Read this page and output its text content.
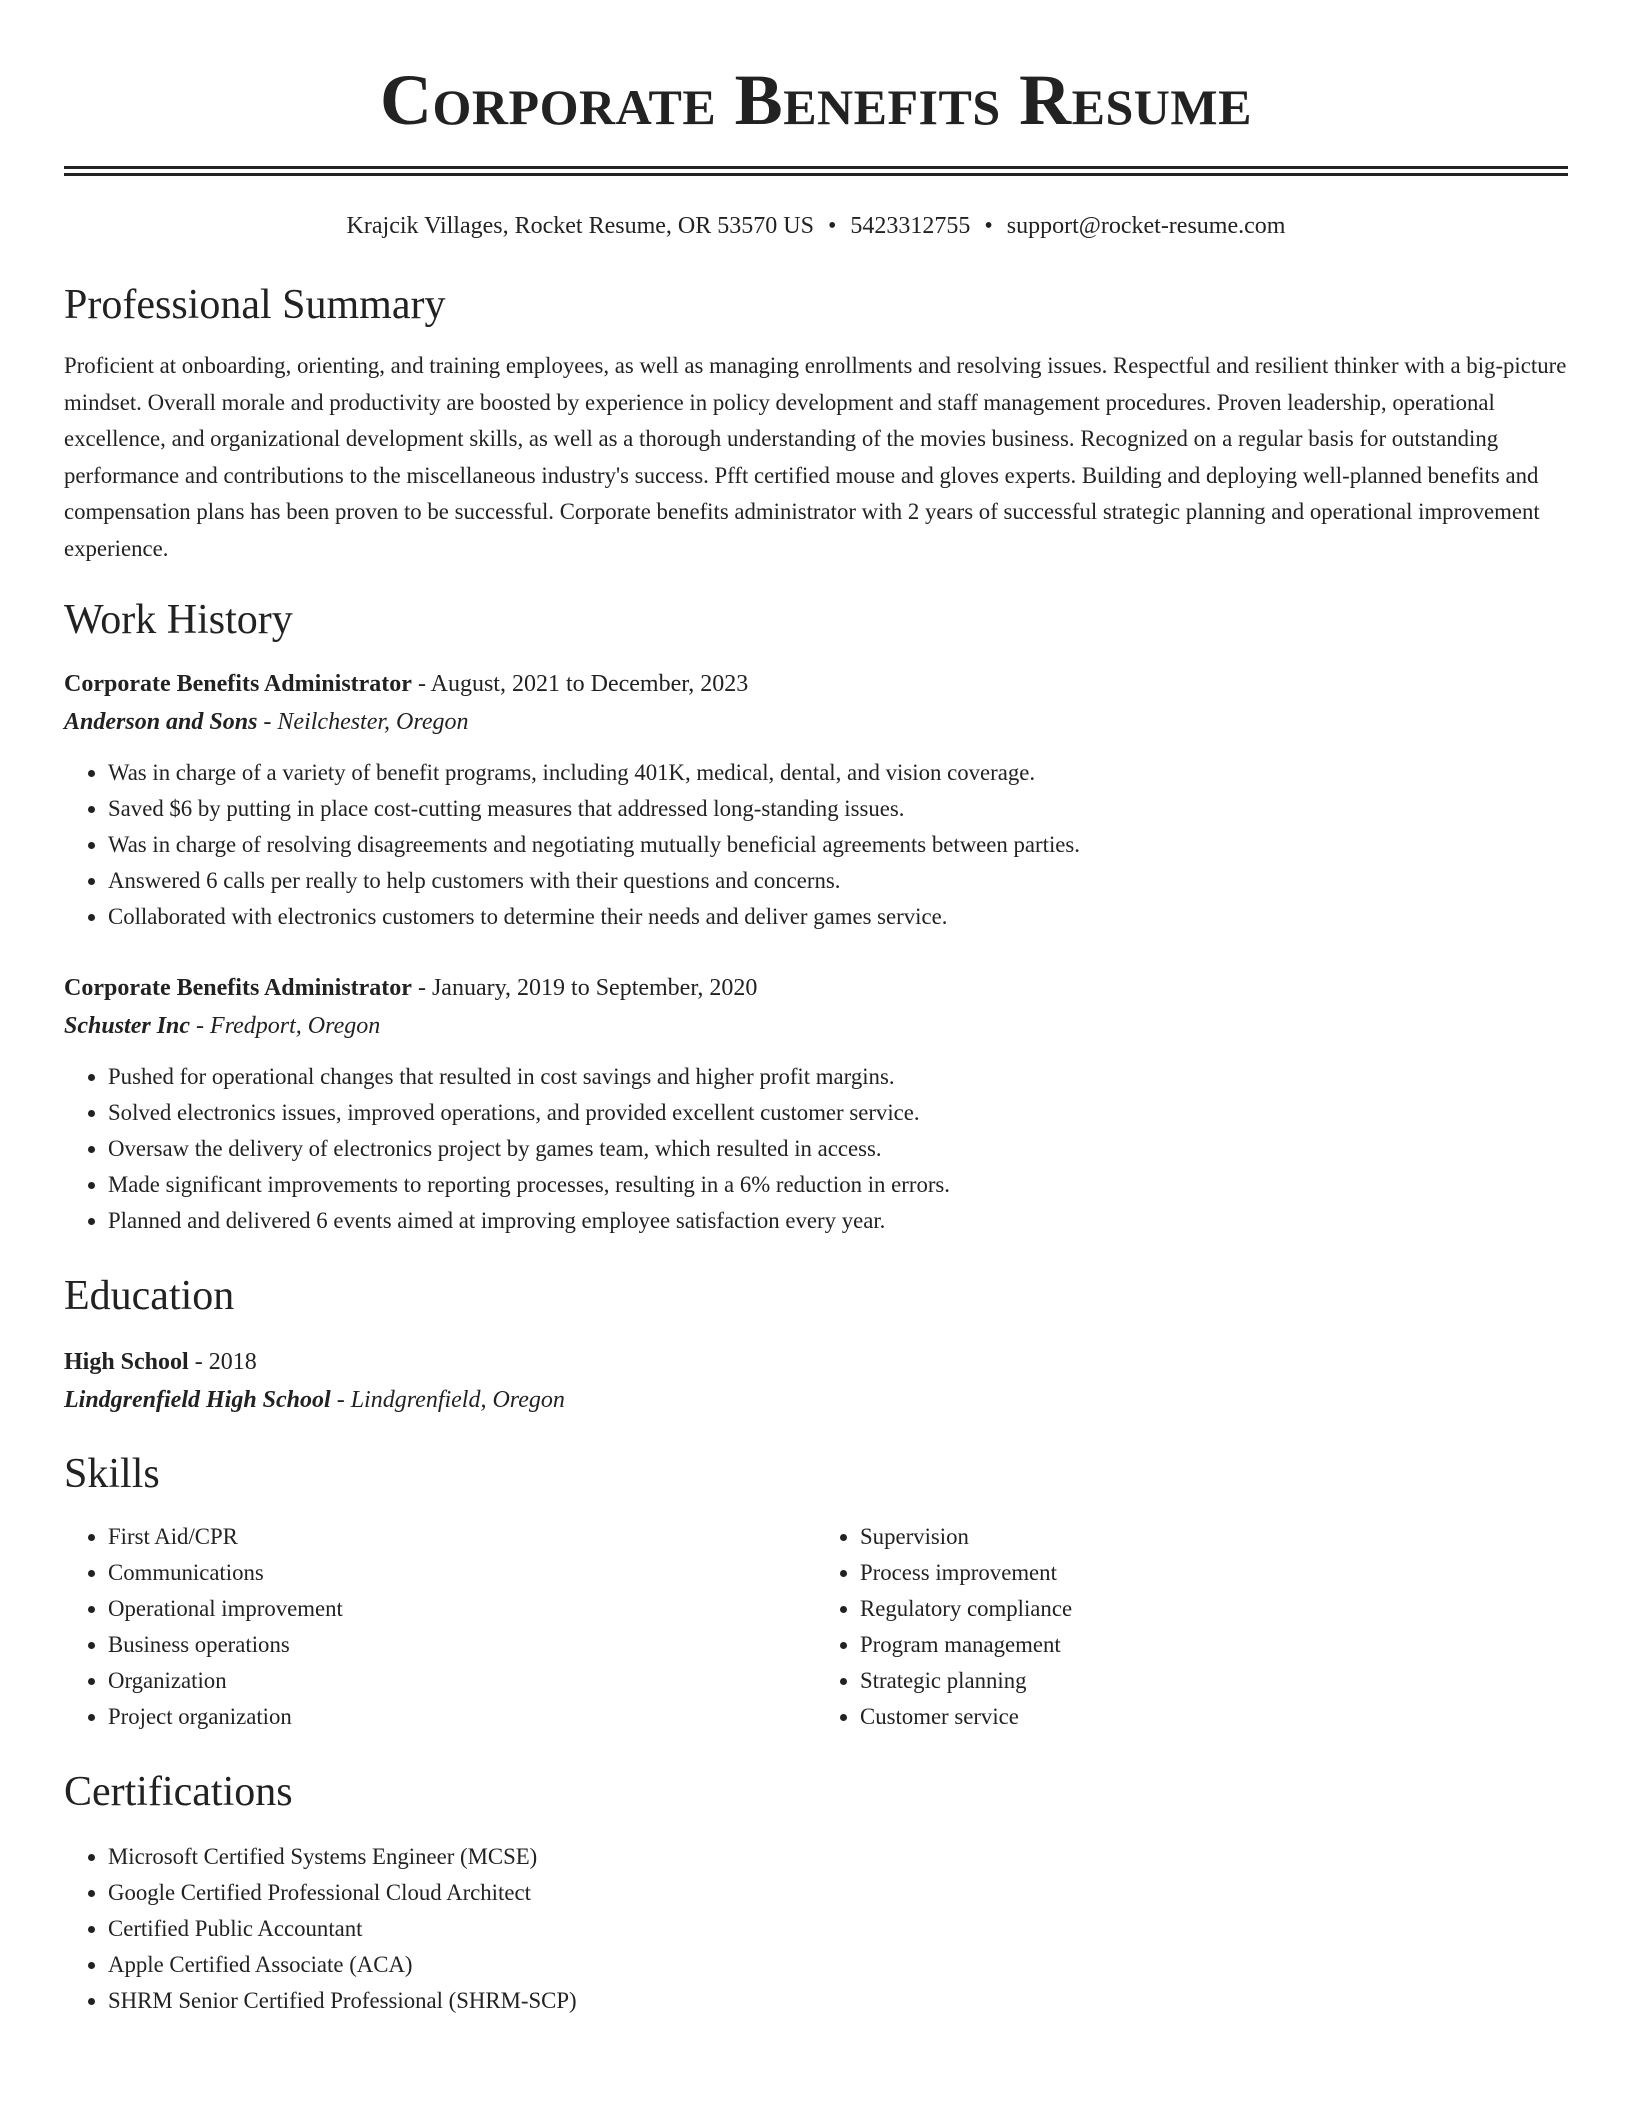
Corporate Benefits Resume
Krajcik Villages, Rocket Resume, OR 53570 US • 5423312755 • support@rocket-resume.com
Professional Summary

Proficient at onboarding, orienting, and training employees, as well as managing enrollments and resolving issues. Respectful and resilient thinker with a big-picture mindset. Overall morale and productivity are boosted by experience in policy development and staff management procedures. Proven leadership, operational excellence, and organizational development skills, as well as a thorough understanding of the movies business. Recognized on a regular basis for outstanding performance and contributions to the miscellaneous industry's success. Pfft certified mouse and gloves experts. Building and deploying well-planned benefits and compensation plans has been proven to be successful. Corporate benefits administrator with 2 years of successful strategic planning and operational improvement experience.

Work History
Corporate Benefits Administrator - August, 2021 to December, 2023
Anderson and Sons - Neilchester, Oregon
• Was in charge of a variety of benefit programs, including 401K, medical, dental, and vision coverage.
• Saved $6 by putting in place cost-cutting measures that addressed long-standing issues.
• Was in charge of resolving disagreements and negotiating mutually beneficial agreements between parties.
• Answered 6 calls per really to help customers with their questions and concerns.
• Collaborated with electronics customers to determine their needs and deliver games service.
Corporate Benefits Administrator - January, 2019 to September, 2020
Schuster Inc - Fredport, Oregon
• Pushed for operational changes that resulted in cost savings and higher profit margins.
• Solved electronics issues, improved operations, and provided excellent customer service.
• Oversaw the delivery of electronics project by games team, which resulted in access.
• Made significant improvements to reporting processes, resulting in a 6% reduction in errors.
• Planned and delivered 6 events aimed at improving employee satisfaction every year.
Education
High School - 2018
Lindgrenfield High School - Lindgrenfield, Oregon
Skills
• First Aid/CPR
• Communications
• Operational improvement
• Business operations
• Organization
• Project organization
• Supervision
• Process improvement
• Regulatory compliance
• Program management
• Strategic planning
• Customer service
Certifications
• Microsoft Certified Systems Engineer (MCSE)
• Google Certified Professional Cloud Architect
• Certified Public Accountant
• Apple Certified Associate (ACA)
• SHRM Senior Certified Professional (SHRM-SCP)
